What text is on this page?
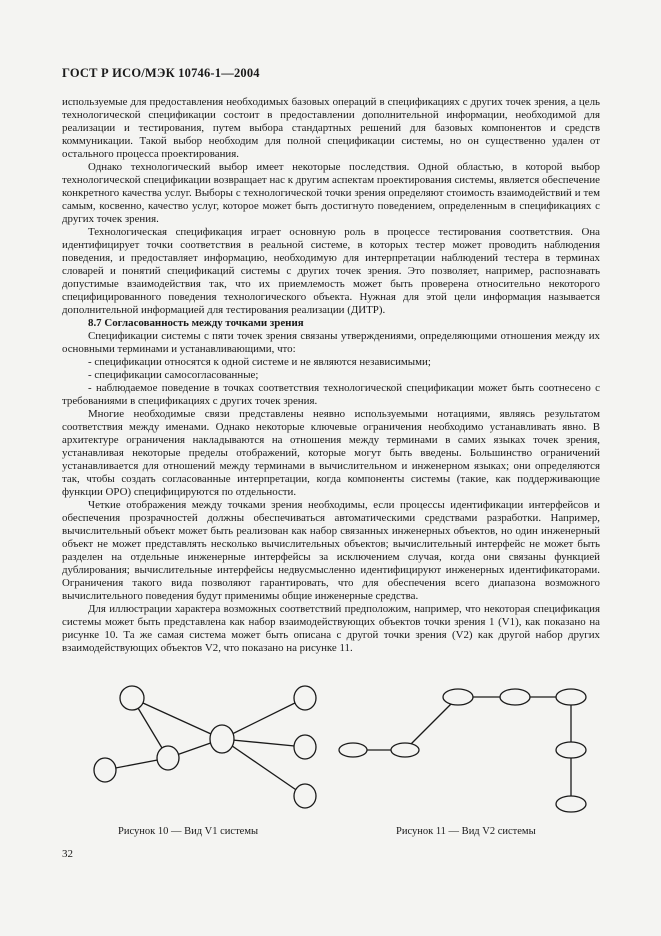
ГОСТ Р ИСО/МЭК 10746-1—2004

используемые для предоставления необходимых базовых операций в спецификациях с других точек зрения, а цель технологической спецификации состоит в предоставлении дополнительной информации, необходимой для реализации и тестирования, путем выбора стандартных решений для базовых компонентов и средств коммуникации. Такой выбор необходим для полной спецификации системы, но он существенно удален от остального процесса проектирования.

Однако технологический выбор имеет некоторые последствия. Одной областью, в которой выбор технологической спецификации возвращает нас к другим аспектам проектирования системы, является обеспечение конкретного качества услуг. Выборы с технологической точки зрения определяют стоимость взаимодействий и тем самым, косвенно, качество услуг, которое может быть достигнуто поведением, определенным в спецификациях с других точек зрения.

Технологическая спецификация играет основную роль в процессе тестирования соответствия. Она идентифицирует точки соответствия в реальной системе, в которых тестер может проводить наблюдения поведения, и предоставляет информацию, необходимую для интерпретации наблюдений тестера в терминах словарей и понятий спецификаций системы с других точек зрения. Это позволяет, например, распознавать допустимые взаимодействия так, что их приемлемость может быть проверена относительно некоторого специфицированного поведения технологического объекта. Нужная для этой цели информация называется дополнительной информацией для тестирования реализации (ДИТР).

8.7 Согласованность между точками зрения

Спецификации системы с пяти точек зрения связаны утверждениями, определяющими отношения между их основными терминами и устанавливающими, что:

- спецификации относятся к одной системе и не являются независимыми;

- спецификации самосогласованные;

- наблюдаемое поведение в точках соответствия технологической спецификации может быть соотнесено с требованиями в спецификациях с других точек зрения.

Многие необходимые связи представлены неявно используемыми нотациями, являясь результатом соответствия между именами. Однако некоторые ключевые ограничения необходимо устанавливать явно. В архитектуре ограничения накладываются на отношения между терминами в самих языках точек зрения, устанавливая некоторые пределы отображений, которые могут быть введены. Большинство ограничений устанавливается для отношений между терминами в вычислительном и инженерном языках; они определяются так, чтобы создать согласованные интерпретации, когда компоненты системы (такие, как поддерживающие функции ОРО) специфицируются по отдельности.

Четкие отображения между точками зрения необходимы, если процессы идентификации интерфейсов и обеспечения прозрачностей должны обеспечиваться автоматическими средствами разработки. Например, вычислительный объект может быть реализован как набор связанных инженерных объектов, но один инженерный объект не может представлять несколько вычислительных объектов; вычислительный интерфейс не может быть разделен на отдельные инженерные интерфейсы за исключением случая, когда они связаны функцией дублирования; вычислительные интерфейсы недвусмысленно идентифицируют инженерных идентификаторами. Ограничения такого вида позволяют гарантировать, что для обеспечения всего диапазона возможного вычислительного поведения будут применимы общие инженерные средства.

Для иллюстрации характера возможных соответствий предположим, например, что некоторая спецификация системы может быть представлена как набор взаимодействующих объектов точки зрения 1 (V1), как показано на рисунке 10. Та же самая система может быть описана с другой точки зрения (V2) как другой набор других взаимодействующих объектов V2, что показано на рисунке 11.

Рисунок 10 — Вид V1 системы	Рисунок 11 — Вид V2 системы
32
